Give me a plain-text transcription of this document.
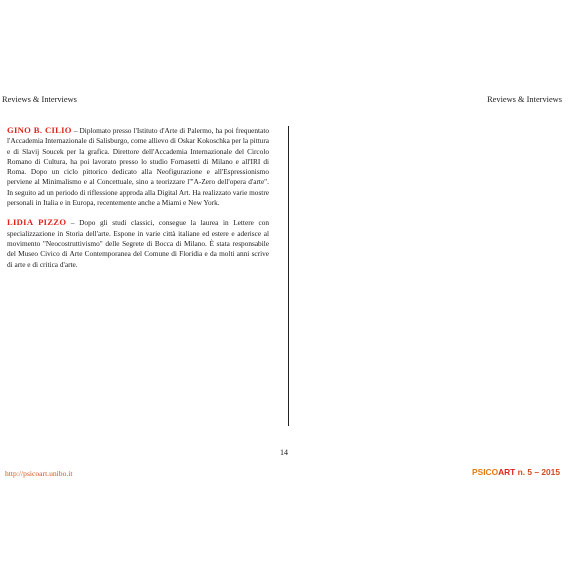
Reviews & Interviews	Reviews & Interviews

GINO B. CILIO – Diplomato presso l'Istituto d'Arte di Palermo, ha poi frequentato l'Accademia Internazionale di Salisburgo, come allievo di Oskar Kokoschka per la pittura e di Slavij Soucek per la grafica. Direttore dell'Accademia Internazionale del Circolo Romano di Cultura, ha poi lavorato presso lo studio Fornasetti di Milano e all'IRI di Roma. Dopo un ciclo pittorico dedicato alla Neofigurazione e all'Espressionismo perviene al Minimalismo e al Concettuale, sino a teorizzare l'"A-Zero dell'opera d'arte". In seguito ad un periodo di riflessione approda alla Digital Art. Ha realizzato varie mostre personali in Italia e in Europa, recentemente anche a Miami e New York.

LIDIA PIZZO – Dopo gli studi classici, consegue la laurea in Lettere con specializzazione in Storia dell'arte. Espone in varie città italiane ed estere e aderisce al movimento "Neocostruttivismo" delle Segrete di Bocca di Milano. È stata responsabile del Museo Civico di Arte Contemporanea del Comune di Floridia e da molti anni scrive di arte e di critica d'arte.

14
http://psicoart.unibo.it	PSICOART n. 5 – 2015
